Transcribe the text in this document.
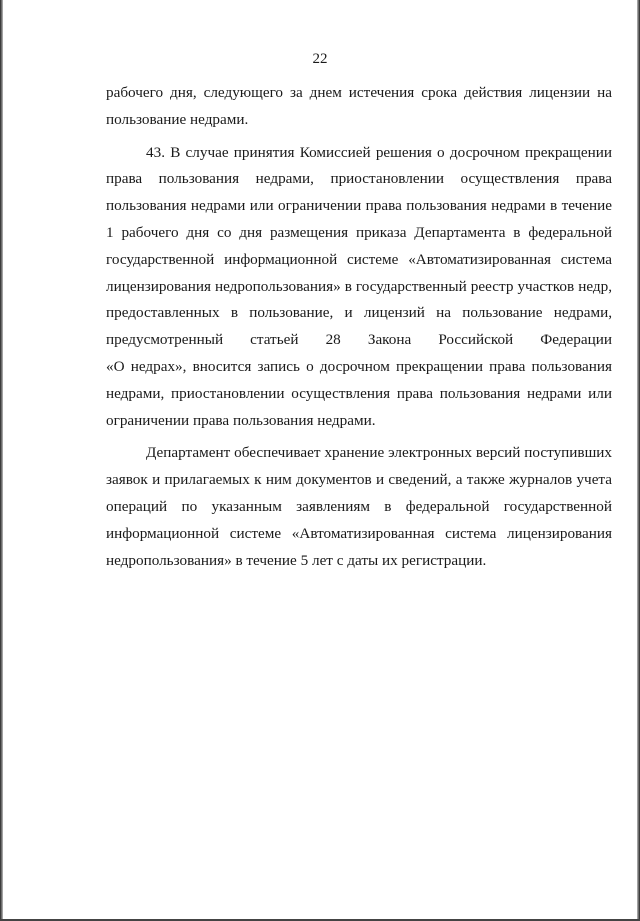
22
рабочего дня, следующего за днем истечения срока действия лицензии на
пользование недрами.
43. В случае принятия Комиссией решения о досрочном прекращении
права пользования недрами, приостановлении осуществления права
пользования недрами или ограничении права пользования недрами в течение
1 рабочего дня со дня размещения приказа Департамента в федеральной
государственной информационной системе «Автоматизированная система
лицензирования недропользования» в государственный реестр участков недр,
предоставленных в пользование, и лицензий на пользование недрами,
предусмотренный статьей 28 Закона Российской Федерации
«О недрах», вносится запись о досрочном прекращении права пользования
недрами, приостановлении осуществления права пользования недрами или
ограничении права пользования недрами.
Департамент обеспечивает хранение электронных версий поступивших
заявок и прилагаемых к ним документов и сведений, а также журналов учета
операций по указанным заявлениям в федеральной государственной
информационной системе «Автоматизированная система лицензирования
недропользования» в течение 5 лет с даты их регистрации.
